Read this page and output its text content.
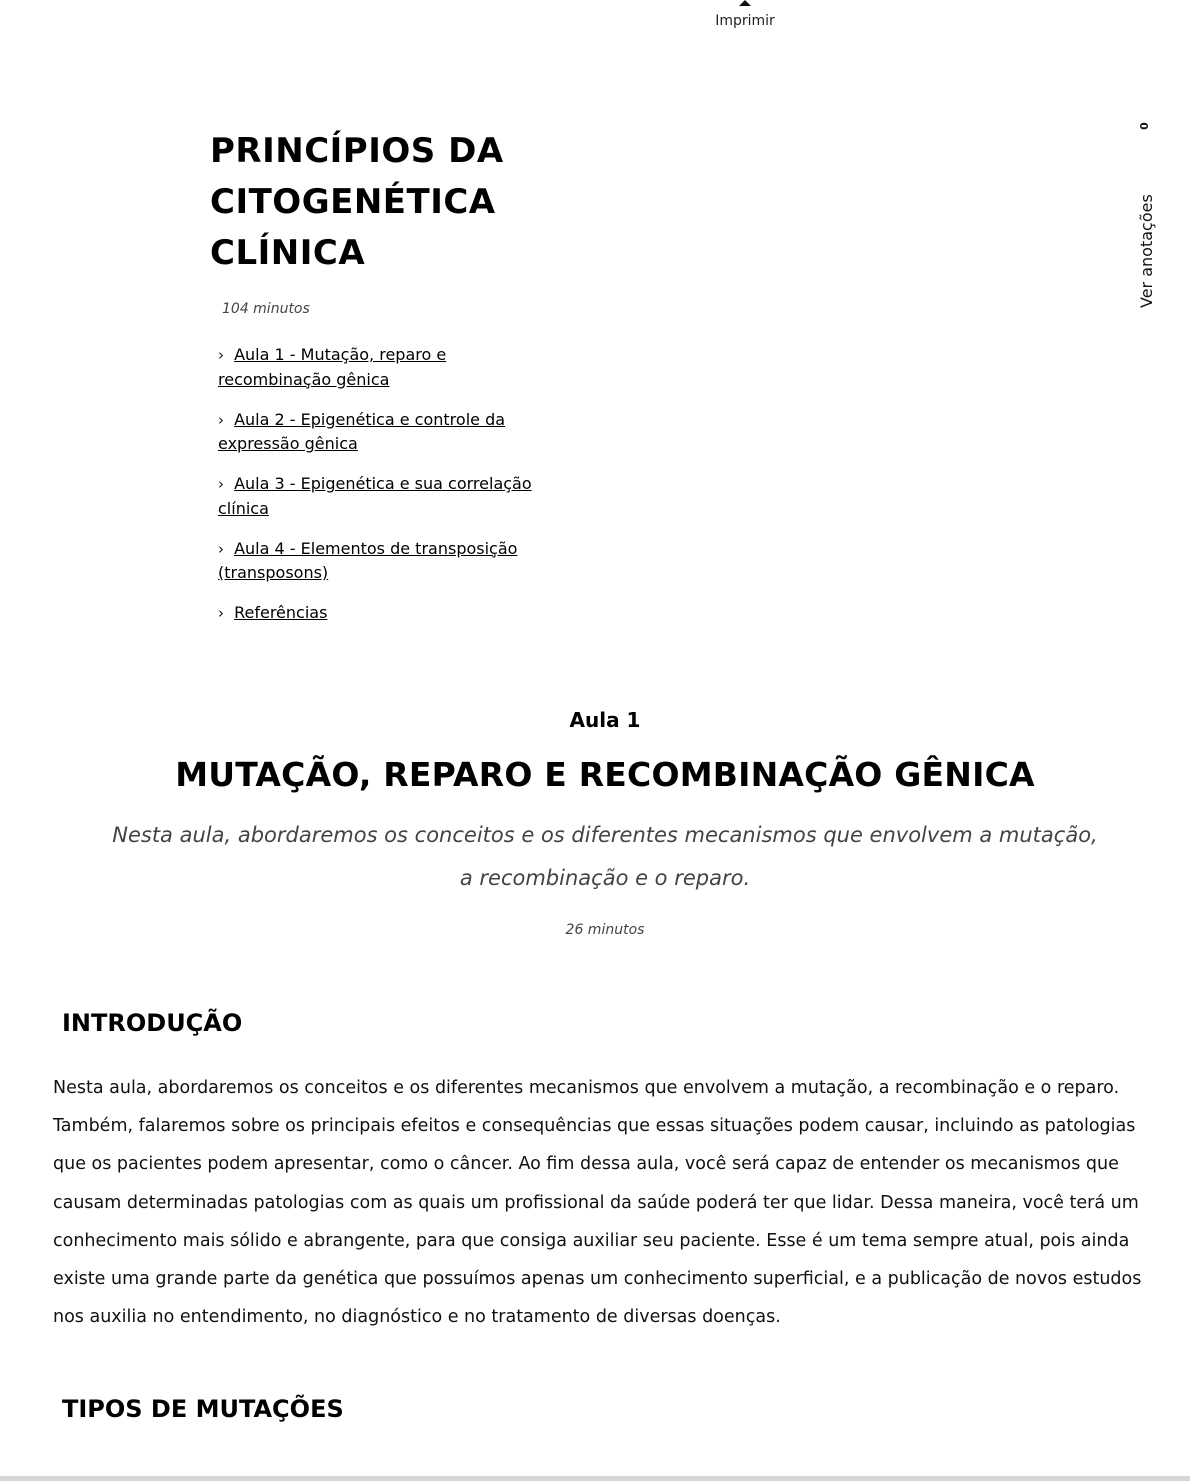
Imprimir
0
Ver anotações
PRINCÍPIOS DA CITOGENÉTICA CLÍNICA
104 minutos
› Aula 1 - Mutação, reparo e recombinação gênica
› Aula 2 - Epigenética e controle da expressão gênica
› Aula 3 - Epigenética e sua correlação clínica
› Aula 4 - Elementos de transposição (transposons)
› Referências
Aula 1
MUTAÇÃO, REPARO E RECOMBINAÇÃO GÊNICA

Nesta aula, abordaremos os conceitos e os diferentes mecanismos que envolvem a mutação, a recombinação e o reparo.

26 minutos
INTRODUÇÃO

Nesta aula, abordaremos os conceitos e os diferentes mecanismos que envolvem a mutação, a recombinação e o reparo. Também, falaremos sobre os principais efeitos e consequências que essas situações podem causar, incluindo as patologias que os pacientes podem apresentar, como o câncer. Ao fim dessa aula, você será capaz de entender os mecanismos que causam determinadas patologias com as quais um profissional da saúde poderá ter que lidar. Dessa maneira, você terá um conhecimento mais sólido e abrangente, para que consiga auxiliar seu paciente. Esse é um tema sempre atual, pois ainda existe uma grande parte da genética que possuímos apenas um conhecimento superficial, e a publicação de novos estudos nos auxilia no entendimento, no diagnóstico e no tratamento de diversas doenças.

TIPOS DE MUTAÇÕES
